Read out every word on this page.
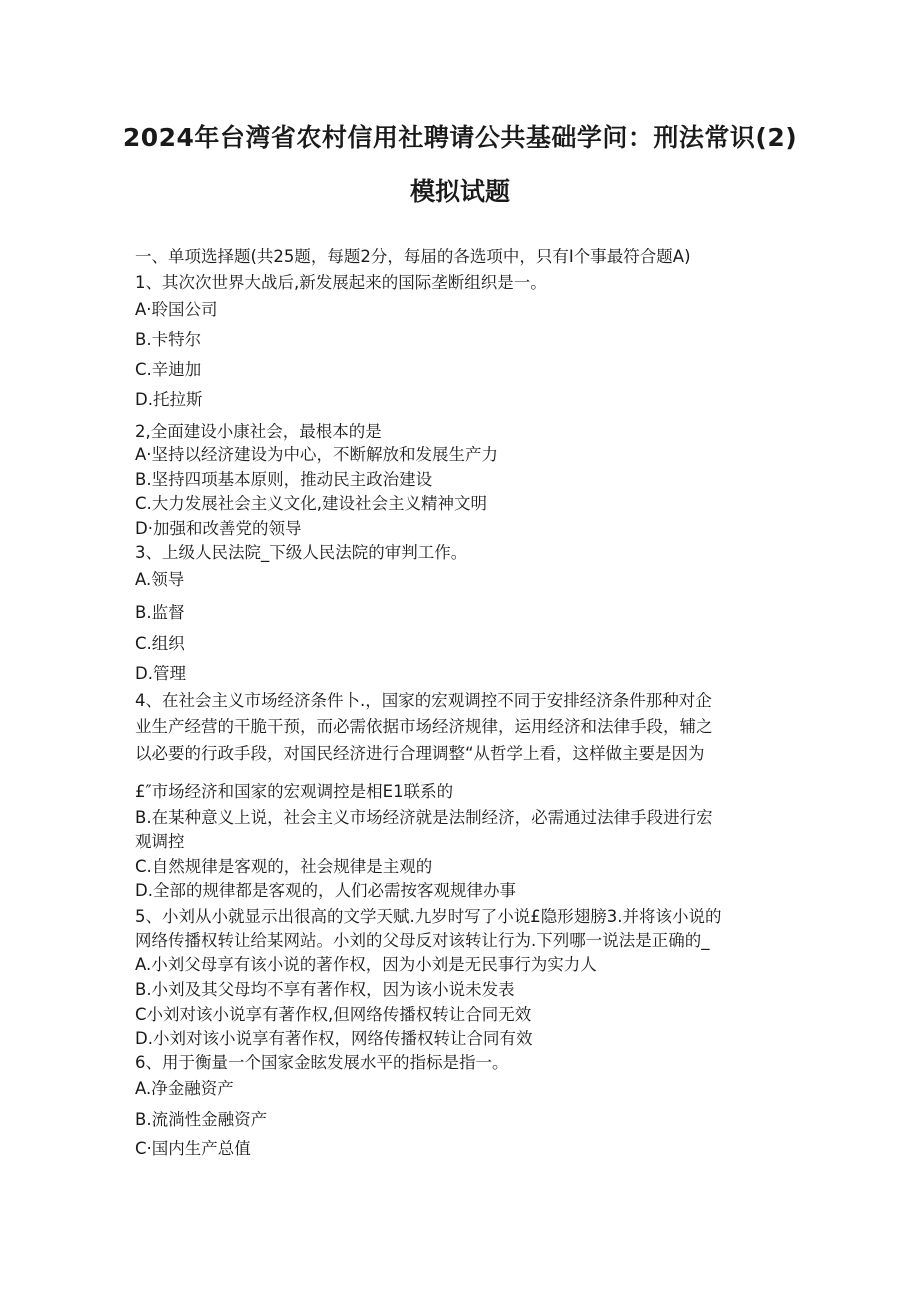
2024年台湾省农村信用社聘请公共基础学问：刑法常识(2)
模拟试题
一、单项选择题(共25题，每题2分，每届的各选项中，只有I个事最符合题A)
1、其次次世界大战后,新发展起来的国际垄断组织是一。
A·聆国公司
B.卡特尔
C.辛迪加
D.托拉斯
2,全面建设小康社会，最根本的是
A·坚持以经济建设为中心，不断解放和发展生产力
B.坚持四项基本原则，推动民主政治建设
C.大力发展社会主义文化,建设社会主义精神文明
D·加强和改善党的领导
3、上级人民法院_下级人民法院的审判工作。
A.领导
B.监督
C.组织
D.管理
4、在社会主义市场经济条件卜.，国家的宏观调控不同于安排经济条件那种对企
业生产经营的干脆干预，而必需依据市场经济规律，运用经济和法律手段，辅之
以必要的行政手段，对国民经济进行合理调整“从哲学上看，这样做主要是因为
£″市场经济和国家的宏观调控是相E1联系的
B.在某种意义上说，社会主义市场经济就是法制经济，必需通过法律手段进行宏
观调控
C.自然规律是客观的，社会规律是主观的
D.全部的规律都是客观的，人们必需按客观规律办事
5、小刘从小就显示出很高的文学天赋.九岁时写了小说£隐形翅膀3.并将该小说的
网络传播权转让给某网站。小刘的父母反对该转让行为.下列哪一说法是正确的_
A.小刘父母享有该小说的著作权，因为小刘是无民事行为实力人
B.小刘及其父母均不享有著作权，因为该小说未发表
C小刘对该小说享有著作权,但网络传播权转让合同无效
D.小刘对该小说享有著作权，网络传播权转让合同有效
6、用于衡量一个国家金眩发展水平的指标是指一。
A.净金融资产
B.流淌性金融资产
C·国内生产总值
